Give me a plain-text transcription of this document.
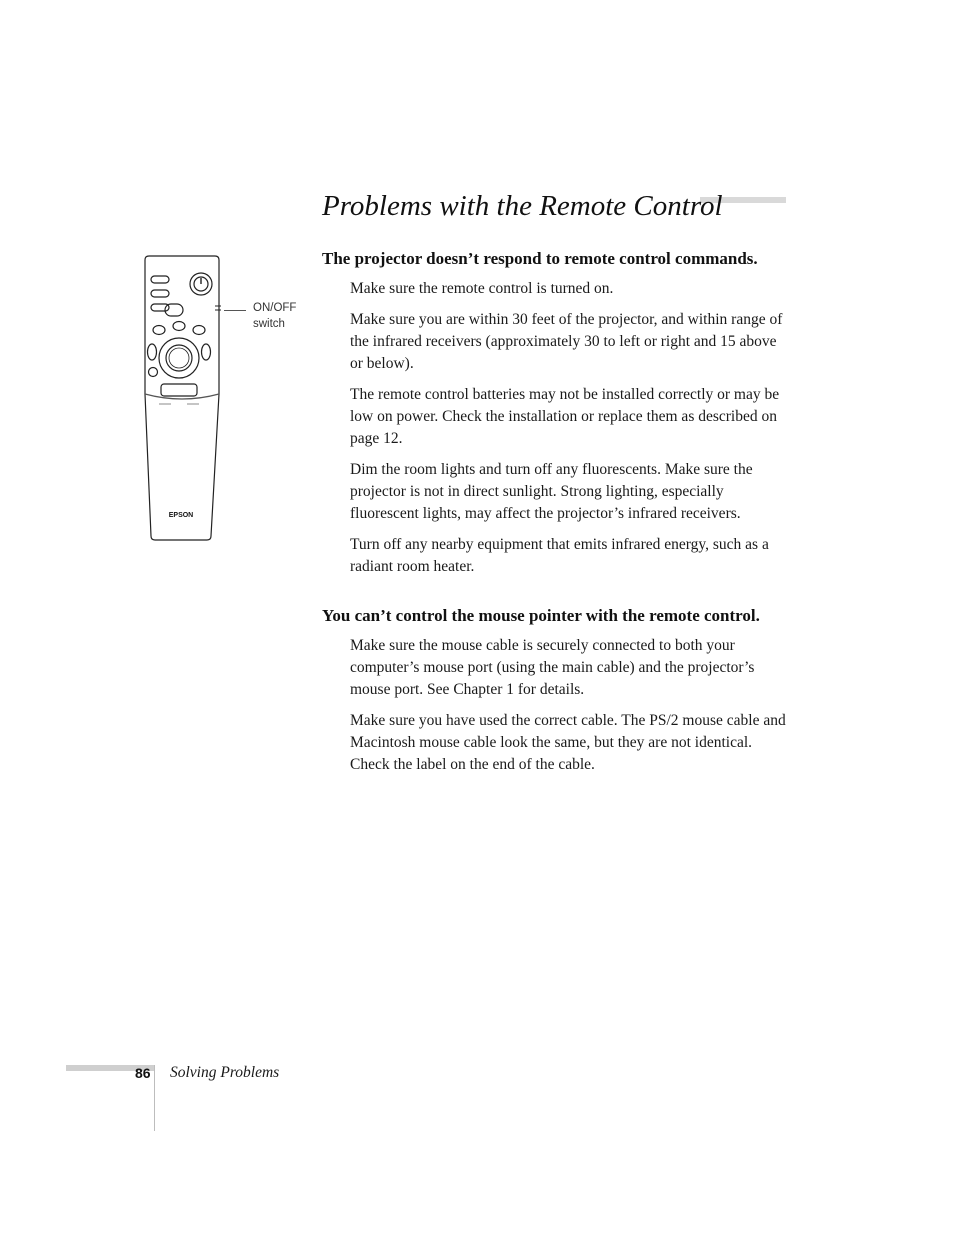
Problems with the Remote Control
EPSON
ON/OFF
switch
The projector doesn’t respond to remote control commands.

Make sure the remote control is turned on.

Make sure you are within 30 feet of the projector, and within range of the infrared receivers (approximately 30 to left or right and 15 above or below).

The remote control batteries may not be installed correctly or may be low on power. Check the installation or replace them as described on page 12.

Dim the room lights and turn off any fluorescents. Make sure the projector is not in direct sunlight. Strong lighting, especially fluorescent lights, may affect the projector’s infrared receivers.

Turn off any nearby equipment that emits infrared energy, such as a radiant room heater.

You can’t control the mouse pointer with the remote control.

Make sure the mouse cable is securely connected to both your computer’s mouse port (using the main cable) and the projector’s mouse port. See Chapter 1 for details.

Make sure you have used the correct cable. The PS/2 mouse cable and Macintosh mouse cable look the same, but they are not identical. Check the label on the end of the cable.

86 Solving Problems
